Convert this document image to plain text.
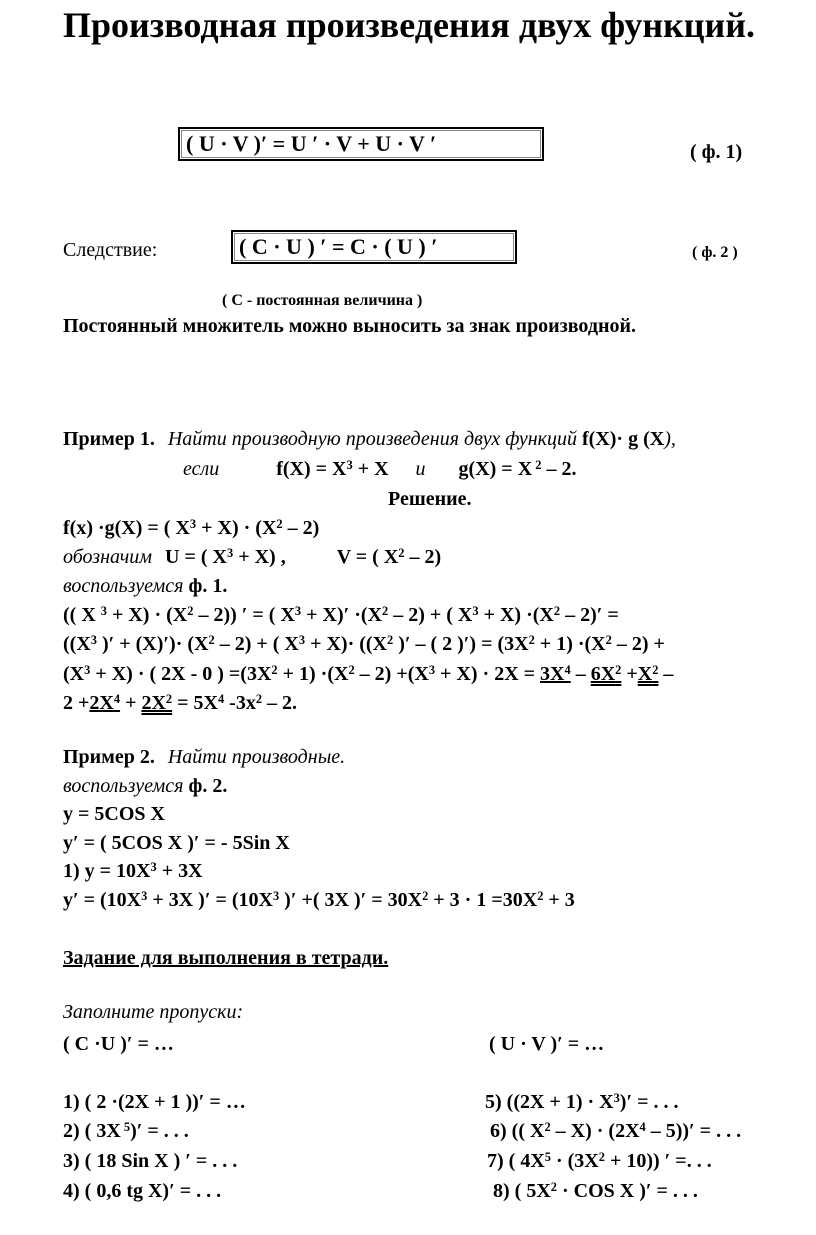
Производная произведения двух функций.
( U · V )′ = U ′ · V + U · V ′	( ф. 1)
Следствие:	( C · U ) ′ = C · ( U ) ′	( ф. 2 )
( С - постоянная величина )
Постоянный множитель можно выносить за знак производной.
Пример 1. Найти производную произведения двух функций f(X)· g (X),
если	$f(X) = X^3 + X$ и g(X) = X $^2$ – 2.
Решение.
f(x) ·g(X) = ( $X^3 + X) \cdot (X^2 - 2)$
обозначим U = ( $X^3 + X$) ,	V = ( $X^2 - 2$)
воспользуемся ф. 1.
(( X $^3 + X) \cdot (X^2 - 2)$) ′ = ( $X^3 + X)' \cdot(X^2 - 2)$ + ( $X^3 + X) \cdot(X^2 - 2)'$ =
(($X^3$ )′ + $(X)')\cdot (X^2 - 2)$ + ( $X^3 + X)\cdot ((X^2$ )′ – ( 2 )′) = $(3X^2 + 1) \cdot(X^2 - 2)$ +
$(X^3 + X)$ · ( 2X - 0 ) $=(3X^2 + 1) \cdot(X^2 - 2) +(X^3 + X) \cdot 2X = 3X^4 - 6X^2 +X^2$ –
$2 +2X^4 + 2X^2 = 5X^4$ $-3x^2 - 2$.
Пример 2. Найти производные.
воспользуемся ф. 2.
y = 5COS X
y′ = ( 5COS X )′ = - 5Sin X
1) $y = 10X^3 + 3X$
$y' = (10X^3 + 3X$ )′ = ($10X^3$ )′ +( 3X )′ = $30X^2 + 3 \cdot 1 =30X^2 + 3$
Задание для выполнения в тетради.
Заполните пропуски:
( C ·U )′ = …	( U · V )′ = …
1) ( 2 ·(2X + 1 ))′ = …	5) $((2X + 1) \cdot X^3)'$ = . . .
2) ( 3X $^5$)′ = . . .	6) (( $X^2 - X) \cdot (2X^4 - 5))'$ = . . .
3) ( 18 Sin X ) ′ = . . .	7) ( $4X^5 \cdot (3X^2 + 10)$) ′ =. . .
4) ( 0,6 tg X)′ = . . .	8) ( $5X^2$ · COS X )′ = . . .
